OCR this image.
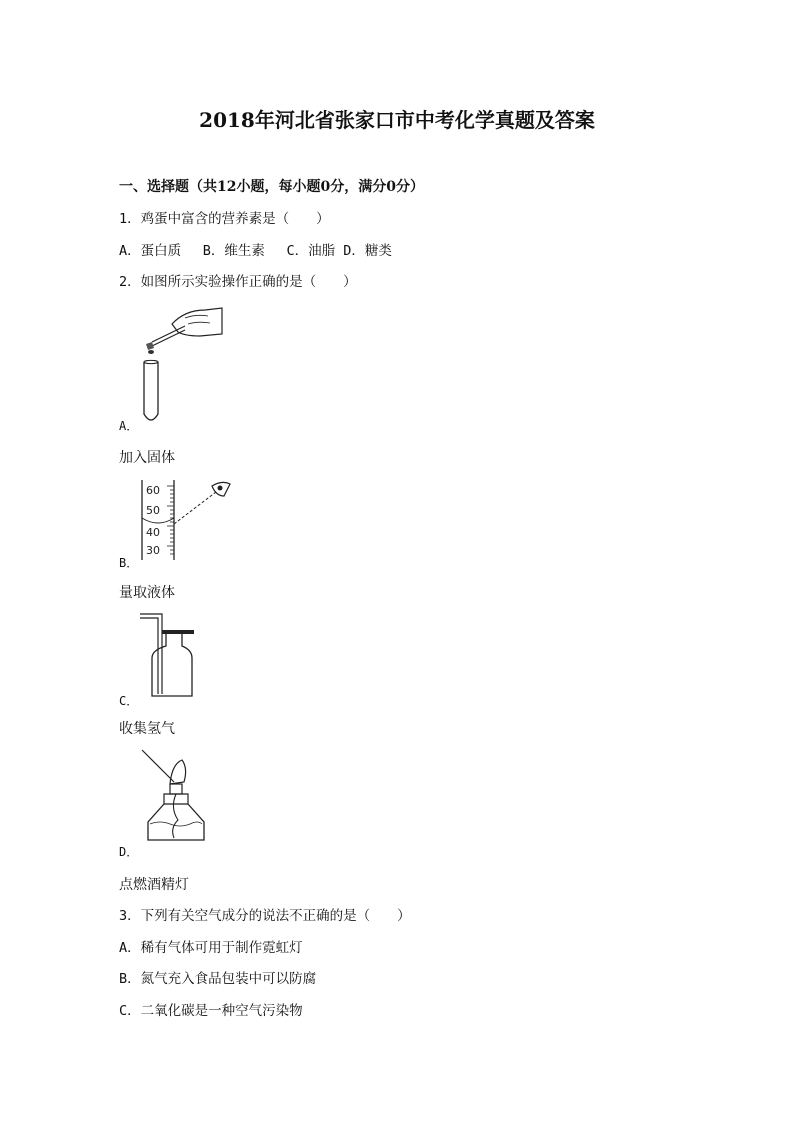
2018年河北省张家口市中考化学真题及答案
一、选择题（共12小题，每小题0分，满分0分）
1．鸡蛋中富含的营养素是（　　）
A．蛋白质　 B．维生素　 C．油脂 D．糖类
2．如图所示实验操作正确的是（　　）
A．
加入固体
60
50
40
30
B．
量取液体
C．
收集氢气
D．
点燃酒精灯
3．下列有关空气成分的说法不正确的是（　　）
A．稀有气体可用于制作霓虹灯
B．氮气充入食品包装中可以防腐
C．二氧化碳是一种空气污染物
